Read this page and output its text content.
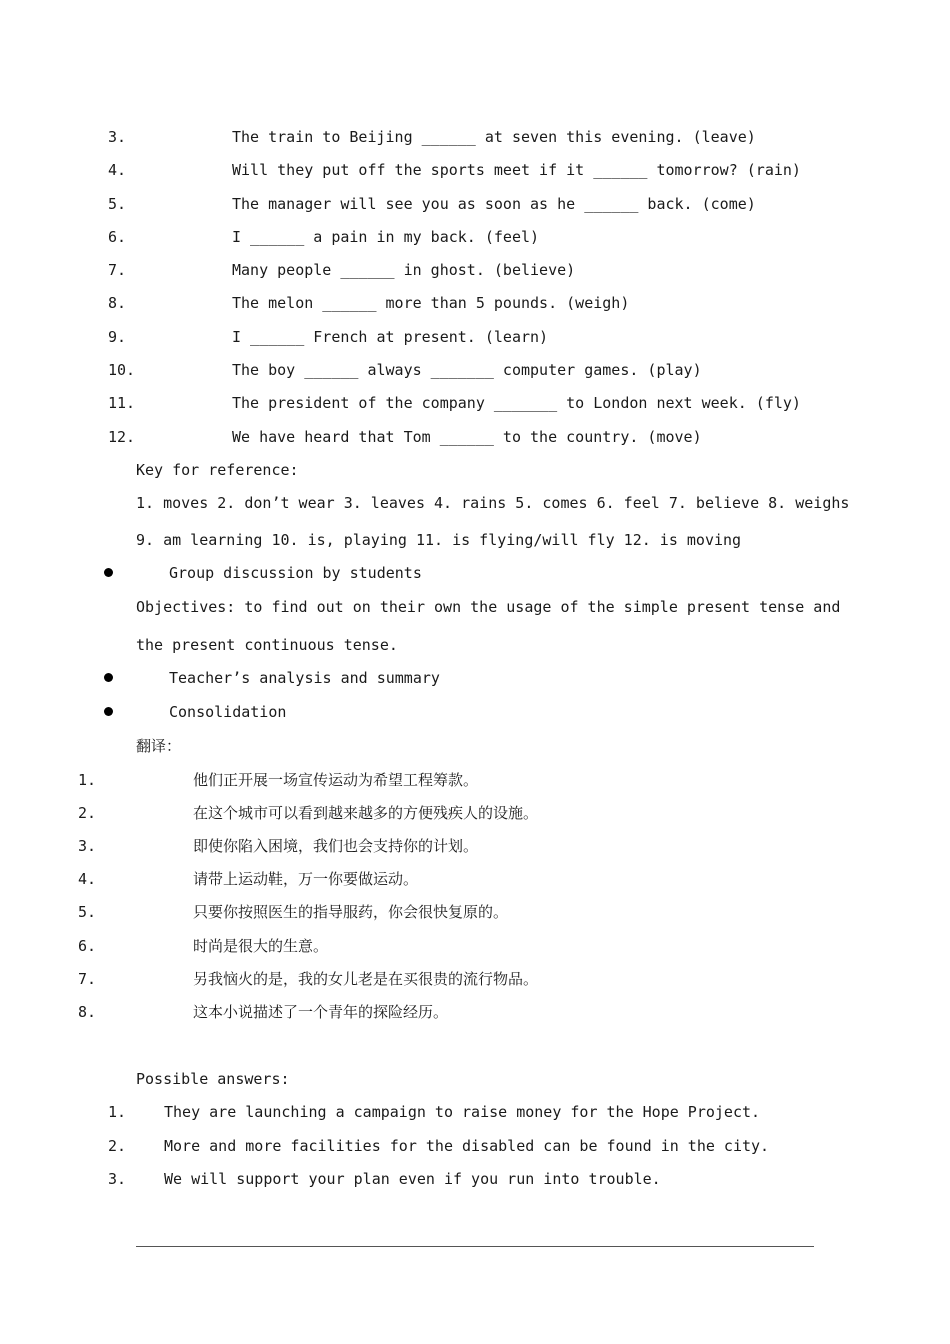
3.	The train to Beijing ______ at seven this evening. (leave)
4.	Will they put off the sports meet if it ______ tomorrow? (rain)
5.	The manager will see you as soon as he ______ back. (come)
6.	I ______ a pain in my back. (feel)
7.	Many people ______ in ghost. (believe)
8.	The melon ______ more than 5 pounds. (weigh)
9.	I ______ French at present. (learn)
10.	The boy ______ always _______ computer games. (play)
11.	The president of the company _______ to London next week. (fly)
12.	We have heard that Tom ______ to the country. (move)
Key for reference:
1. moves 2. don’t wear 3. leaves 4. rains 5. comes 6. feel 7. believe 8. weighs
9. am learning 10. is, playing 11. is flying/will fly 12. is moving
Group discussion by students
Objectives: to find out on their own the usage of the simple present tense and
the present continuous tense.
Teacher’s analysis and summary
Consolidation
翻译：
1.	他们正开展一场宣传运动为希望工程筹款。
2.	在这个城市可以看到越来越多的方便残疾人的设施。
3.	即使你陷入困境，我们也会支持你的计划。
4.	请带上运动鞋，万一你要做运动。
5.	只要你按照医生的指导服药，你会很快复原的。
6.	时尚是很大的生意。
7.	另我恼火的是，我的女儿老是在买很贵的流行物品。
8.	这本小说描述了一个青年的探险经历。
Possible answers:
1.	They are launching a campaign to raise money for the Hope Project.
2.	More and more facilities for the disabled can be found in the city.
3.	We will support your plan even if you run into trouble.
